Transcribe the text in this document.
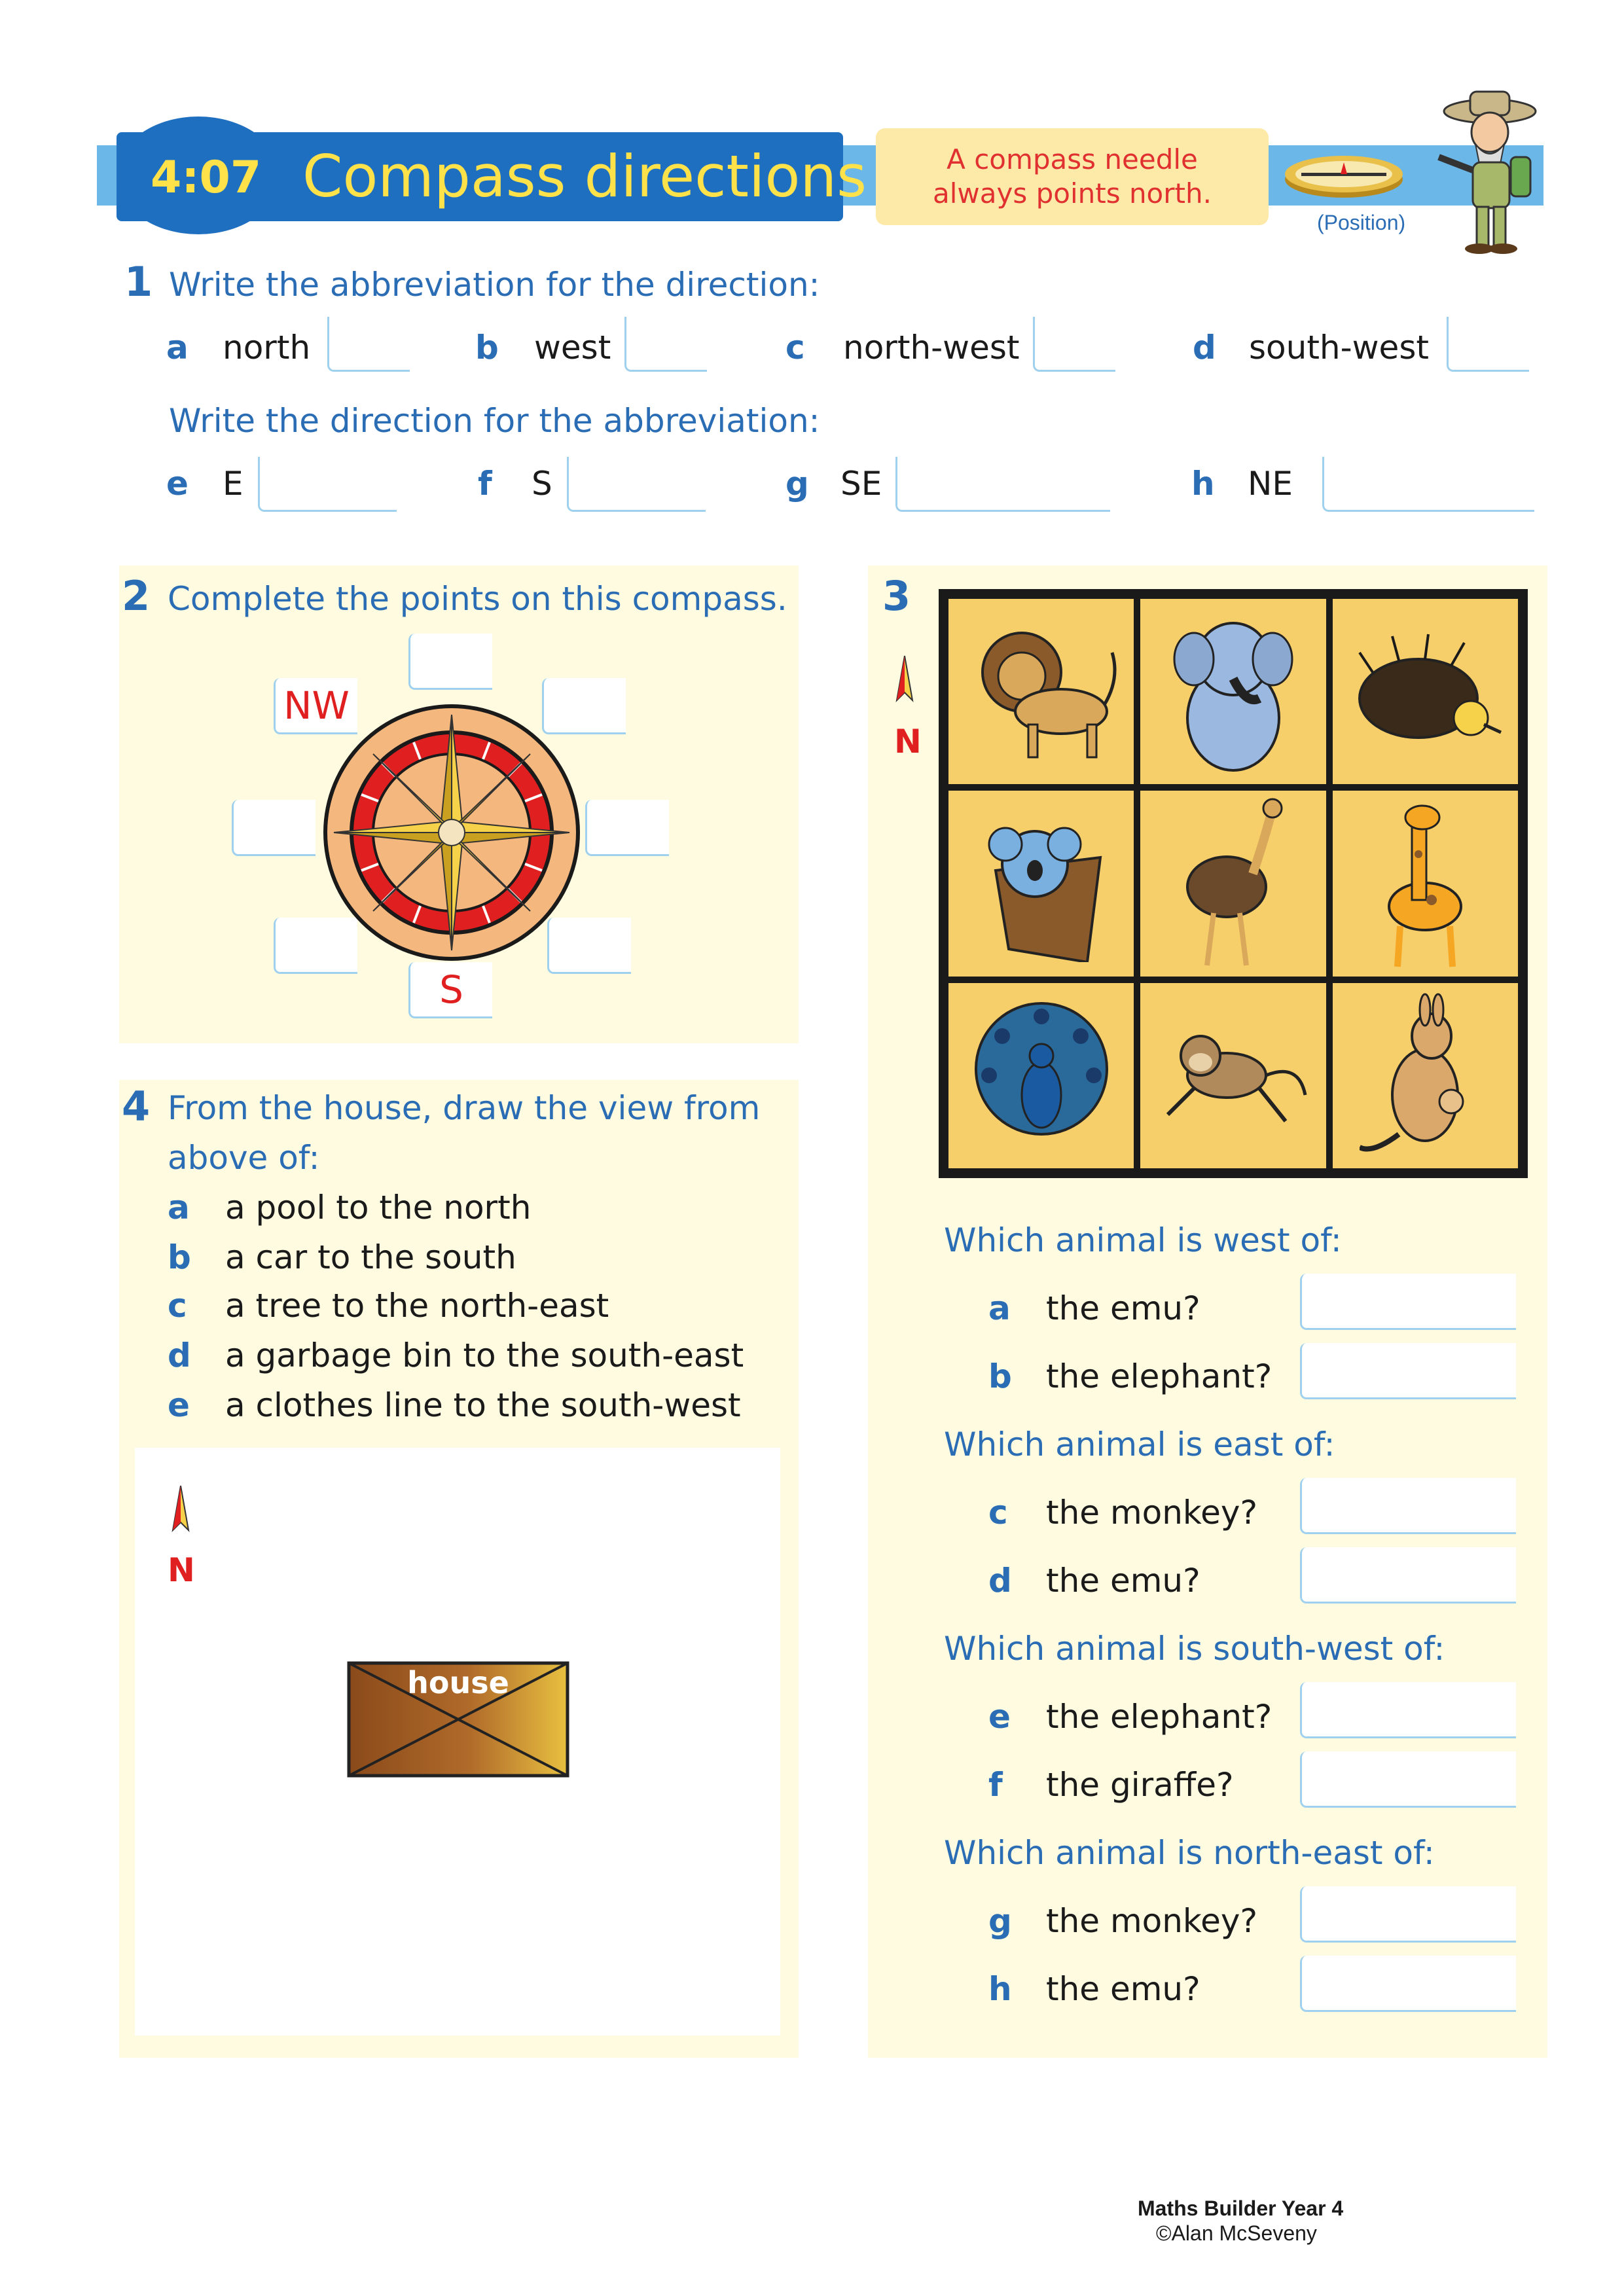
4:07 Compass directions	A compass needle always points north.
(Position)
1 Write the abbreviation for the direction:
a north	b west	c north-west	d south-west
Write the direction for the abbreviation:
e E	f S	g SE	h NE
2 Complete the points on this compass.
NW
S
3
N
Which animal is west of:
a the emu?
b the elephant?
Which animal is east of:
c the monkey?
d the emu?
Which animal is south-west of:
e the elephant?
f the giraffe?
Which animal is north-east of:
g the monkey?
h the emu?
4 From the house, draw the view from
above of:
a a pool to the north
b a car to the south
c a tree to the north-east
d a garbage bin to the south-east
e a clothes line to the south-west
N
house
Maths Builder Year 4
©Alan McSeveny
